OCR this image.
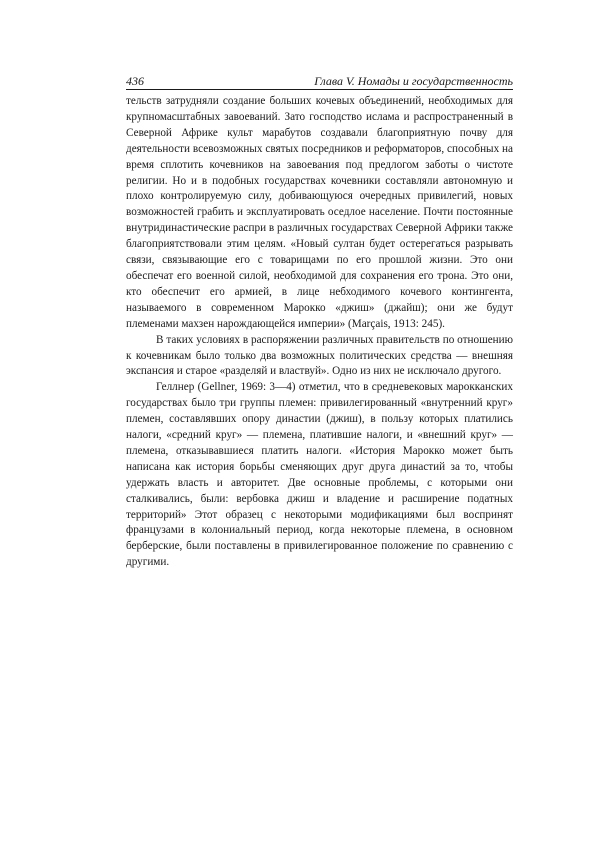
436	Глава V. Номады и государственность

тельств затрудняли создание больших кочевых объединений, необходимых для крупномасштабных завоеваний. Зато господство ислама и распространенный в Северной Африке культ марабутов создавали благоприятную почву для деятельности всевозможных святых посредников и реформаторов, способных на время сплотить кочевников на завоевания под предлогом заботы о чистоте религии. Но и в подобных государствах кочевники составляли автономную и плохо контролируемую силу, добивающуюся очередных привилегий, новых возможностей грабить и эксплуатировать оседлое население. Почти постоянные внутридинастические распри в различных государствах Северной Африки также благоприятствовали этим целям. «Новый султан будет остерегаться разрывать связи, связывающие его с товарищами по его прошлой жизни. Это они обеспечат его военной силой, необходимой для сохранения его трона. Это они, кто обеспечит его армией, в лице небходимого кочевого контингента, называемого в современном Марокко «джиш» (джайш); они же будут племенами махзен нарождающейся империи» (Marçais, 1913: 245).

В таких условиях в распоряжении различных правительств по отношению к кочевникам было только два возможных политических средства — внешняя экспансия и старое «разделяй и властвуй». Одно из них не исключало другого.

Геллнер (Gellner, 1969: 3—4) отметил, что в средневековых марокканских государствах было три группы племен: привилегированный «внутренний круг» племен, составлявших опору династии (джиш), в пользу которых платились налоги, «средний круг» — племена, платившие налоги, и «внешний круг» — племена, отказывавшиеся платить налоги. «История Марокко может быть написана как история борьбы сменяющих друг друга династий за то, чтобы удержать власть и авторитет. Две основные проблемы, с которыми они сталкивались, были: вербовка джиш и владение и расширение податных территорий» Этот образец с некоторыми модификациями был воспринят французами в колониальный период, когда некоторые племена, в основном берберские, были поставлены в привилегированное положение по сравнению с другими.
